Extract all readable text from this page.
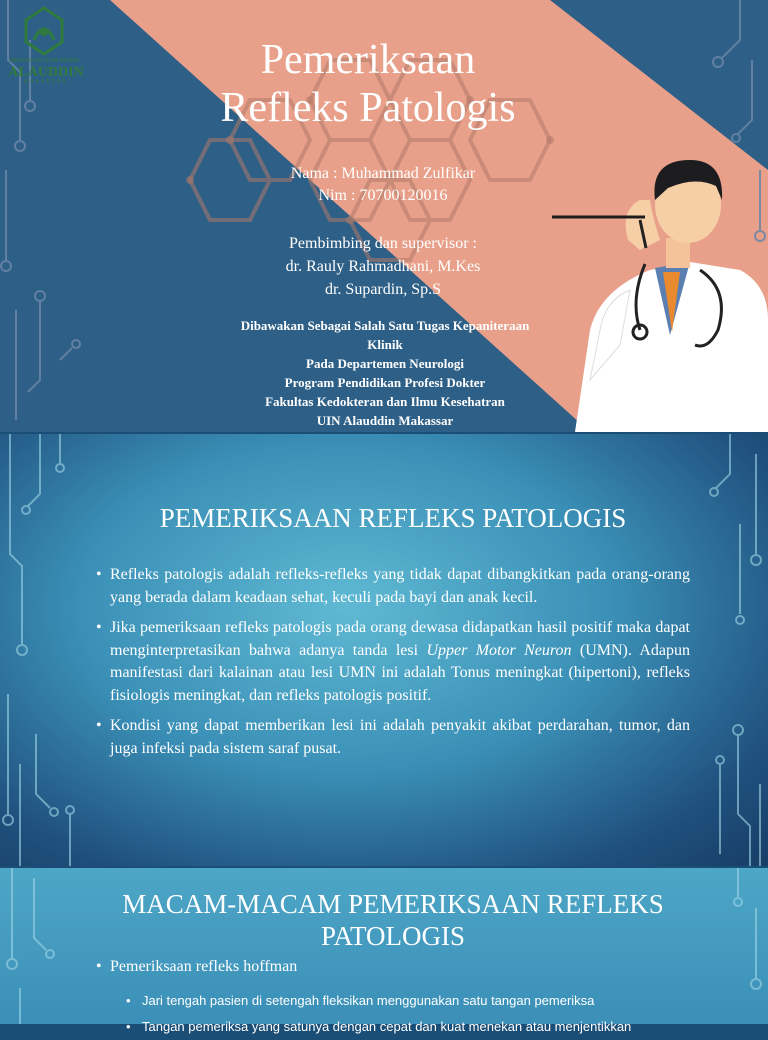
UNIVERSITAS ISLAM NEGERI
ALAUDDIN
MAKASSAR	Pemeriksaan
Refleks Patologis
Nama : Muhammad Zulfikar
Nim : 70700120016
Pembimbing dan supervisor :
dr. Rauly Rahmadhani, M.Kes
dr. Supardin, Sp.S
Dibawakan Sebagai Salah Satu Tugas Kepaniteraan
Klinik
Pada Departemen Neurologi
Program Pendidikan Profesi Dokter
Fakultas Kedokteran dan Ilmu Kesehatran
UIN Alauddin Makassar
PEMERIKSAAN REFLEKS PATOLOGIS
• Refleks patologis adalah refleks-refleks yang tidak dapat dibangkitkan pada orang-orang yang berada dalam keadaan sehat, keculi pada bayi dan anak kecil.
• Jika pemeriksaan refleks patologis pada orang dewasa didapatkan hasil positif maka dapat menginterpretasikan bahwa adanya tanda lesi Upper Motor Neuron (UMN). Adapun manifestasi dari kalainan atau lesi UMN ini adalah Tonus meningkat (hipertoni), refleks fisiologis meningkat, dan refleks patologis positif.
• Kondisi yang dapat memberikan lesi ini adalah penyakit akibat perdarahan, tumor, dan juga infeksi pada sistem saraf pusat.
MACAM-MACAM PEMERIKSAAN REFLEKS
PATOLOGIS
• Pemeriksaan refleks hoffman
• Jari tengah pasien di setengah fleksikan menggunakan satu tangan pemeriksa
• Tangan pemeriksa yang satunya dengan cepat dan kuat menekan atau menjentikkan
